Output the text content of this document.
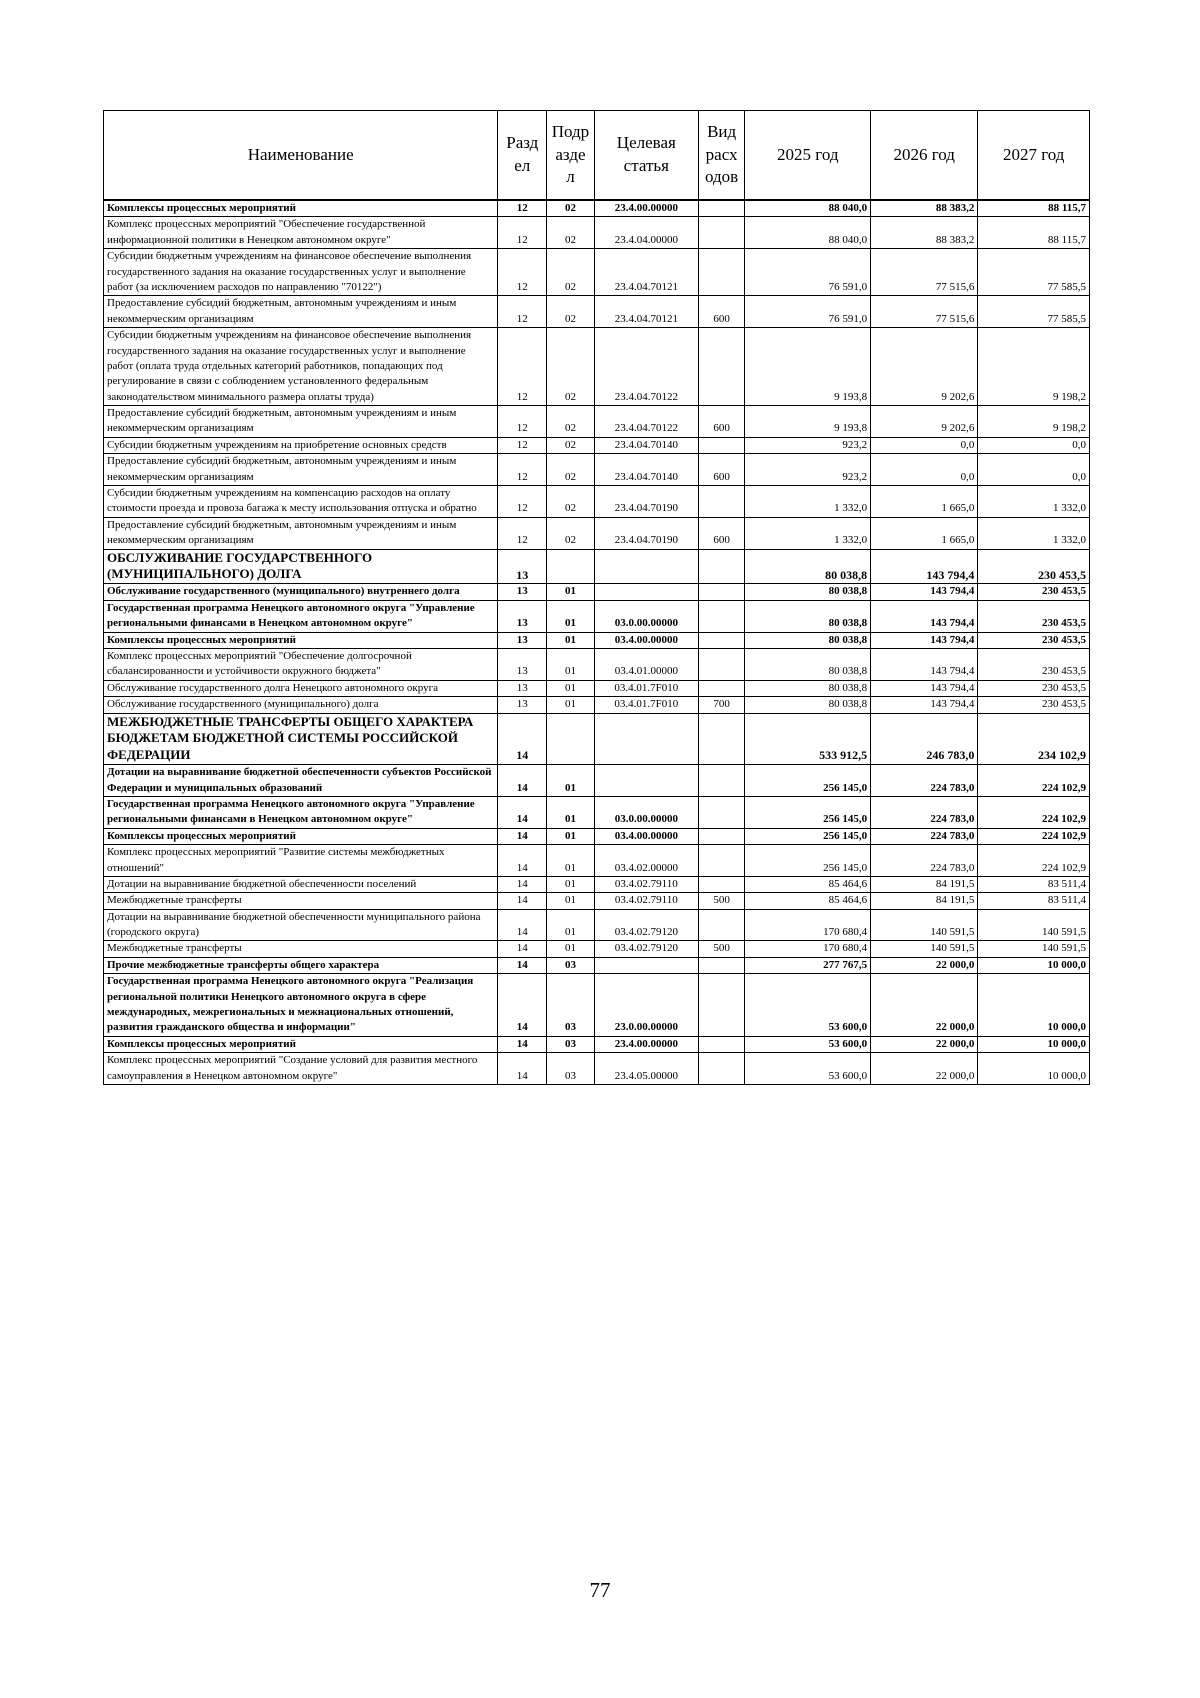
Наименование	Разд ел	Подр азде л	Целевая статья	Вид расх одов	2025 год	2026 год	2027 год
Комплексы процессных мероприятий	12	02	23.4.00.00000		88 040,0	88 383,2	88 115,7
Комплекс процессных мероприятий "Обеспечение государственной информационной политики в Ненецком автономном округе"	12	02	23.4.04.00000		88 040,0	88 383,2	88 115,7
Субсидии бюджетным учреждениям на финансовое обеспечение выполнения государственного задания на оказание государственных услуг и выполнение работ (за исключением расходов по направлению "70122")	12	02	23.4.04.70121		76 591,0	77 515,6	77 585,5
Предоставление субсидий бюджетным, автономным учреждениям и иным некоммерческим организациям	12	02	23.4.04.70121	600	76 591,0	77 515,6	77 585,5
Субсидии бюджетным учреждениям на финансовое обеспечение выполнения государственного задания на оказание государственных услуг и выполнение работ (оплата труда отдельных категорий работников, попадающих под регулирование в связи с соблюдением установленного федеральным законодательством минимального размера оплаты труда)	12	02	23.4.04.70122		9 193,8	9 202,6	9 198,2
Предоставление субсидий бюджетным, автономным учреждениям и иным некоммерческим организациям	12	02	23.4.04.70122	600	9 193,8	9 202,6	9 198,2
Субсидии бюджетным учреждениям на приобретение основных средств	12	02	23.4.04.70140		923,2	0,0	0,0
Предоставление субсидий бюджетным, автономным учреждениям и иным некоммерческим организациям	12	02	23.4.04.70140	600	923,2	0,0	0,0
Субсидии бюджетным учреждениям на компенсацию расходов на оплату стоимости проезда и провоза багажа к месту использования отпуска и обратно	12	02	23.4.04.70190		1 332,0	1 665,0	1 332,0
Предоставление субсидий бюджетным, автономным учреждениям и иным некоммерческим организациям	12	02	23.4.04.70190	600	1 332,0	1 665,0	1 332,0
ОБСЛУЖИВАНИЕ ГОСУДАРСТВЕННОГО (МУНИЦИПАЛЬНОГО) ДОЛГА	13				80 038,8	143 794,4	230 453,5
Обслуживание государственного (муниципального) внутреннего долга	13	01			80 038,8	143 794,4	230 453,5
Государственная программа Ненецкого автономного округа "Управление региональными финансами в Ненецком автономном округе"	13	01	03.0.00.00000		80 038,8	143 794,4	230 453,5
Комплексы процессных мероприятий	13	01	03.4.00.00000		80 038,8	143 794,4	230 453,5
Комплекс процессных мероприятий "Обеспечение долгосрочной сбалансированности и устойчивости окружного бюджета"	13	01	03.4.01.00000		80 038,8	143 794,4	230 453,5
Обслуживание государственного долга Ненецкого автономного округа	13	01	03.4.01.7F010		80 038,8	143 794,4	230 453,5
Обслуживание государственного (муниципального) долга	13	01	03.4.01.7F010	700	80 038,8	143 794,4	230 453,5
МЕЖБЮДЖЕТНЫЕ ТРАНСФЕРТЫ ОБЩЕГО ХАРАКТЕРА БЮДЖЕТАМ БЮДЖЕТНОЙ СИСТЕМЫ РОССИЙСКОЙ ФЕДЕРАЦИИ	14				533 912,5	246 783,0	234 102,9
Дотации на выравнивание бюджетной обеспеченности субъектов Российской Федерации и муниципальных образований	14	01			256 145,0	224 783,0	224 102,9
Государственная программа Ненецкого автономного округа "Управление региональными финансами в Ненецком автономном округе"	14	01	03.0.00.00000		256 145,0	224 783,0	224 102,9
Комплексы процессных мероприятий	14	01	03.4.00.00000		256 145,0	224 783,0	224 102,9
Комплекс процессных мероприятий "Развитие системы межбюджетных отношений"	14	01	03.4.02.00000		256 145,0	224 783,0	224 102,9
Дотации на выравнивание бюджетной обеспеченности поселений	14	01	03.4.02.79110		85 464,6	84 191,5	83 511,4
Межбюджетные трансферты	14	01	03.4.02.79110	500	85 464,6	84 191,5	83 511,4
Дотации на выравнивание бюджетной обеспеченности муниципального района (городского округа)	14	01	03.4.02.79120		170 680,4	140 591,5	140 591,5
Межбюджетные трансферты	14	01	03.4.02.79120	500	170 680,4	140 591,5	140 591,5
Прочие межбюджетные трансферты общего характера	14	03			277 767,5	22 000,0	10 000,0
Государственная программа Ненецкого автономного округа "Реализация региональной политики Ненецкого автономного округа в сфере международных, межрегиональных и межнациональных отношений, развития гражданского общества и информации"	14	03	23.0.00.00000		53 600,0	22 000,0	10 000,0
Комплексы процессных мероприятий	14	03	23.4.00.00000		53 600,0	22 000,0	10 000,0
Комплекс процессных мероприятий "Создание условий для развития местного самоуправления в Ненецком автономном округе"	14	03	23.4.05.00000		53 600,0	22 000,0	10 000,0
77
